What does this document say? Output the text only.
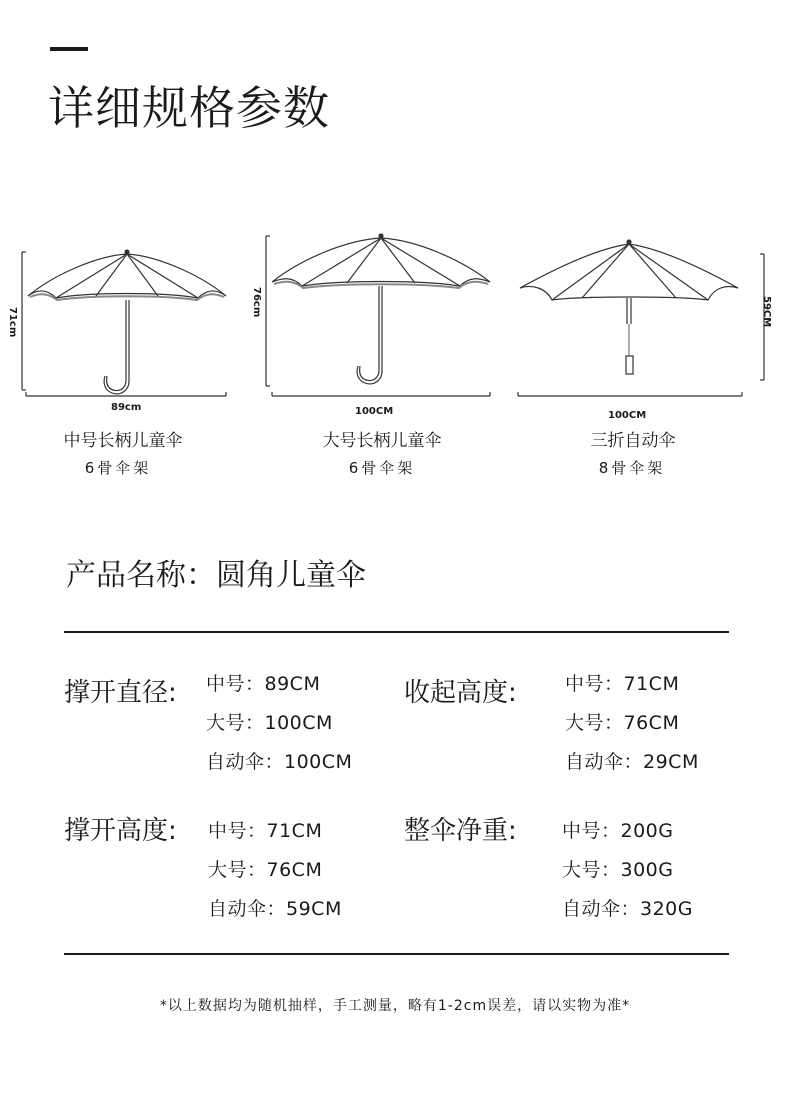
详细规格参数
71cm
89cm
76cm
100CM
59CM
100CM
中号长柄儿童伞
6骨伞架
大号长柄儿童伞
6骨伞架
三折自动伞
8骨伞架
产品名称：圆角儿童伞
撑开直径: 中号：89CM
大号：100CM
自动伞：100CM
收起高度:	中号：71CM
大号：76CM
自动伞：29CM
撑开高度: 中号：71CM
大号：76CM
自动伞：59CM
整伞净重: 中号：200G
大号：300G
自动伞：320G
*以上数据均为随机抽样，手工测量，略有1-2cm误差，请以实物为准*
